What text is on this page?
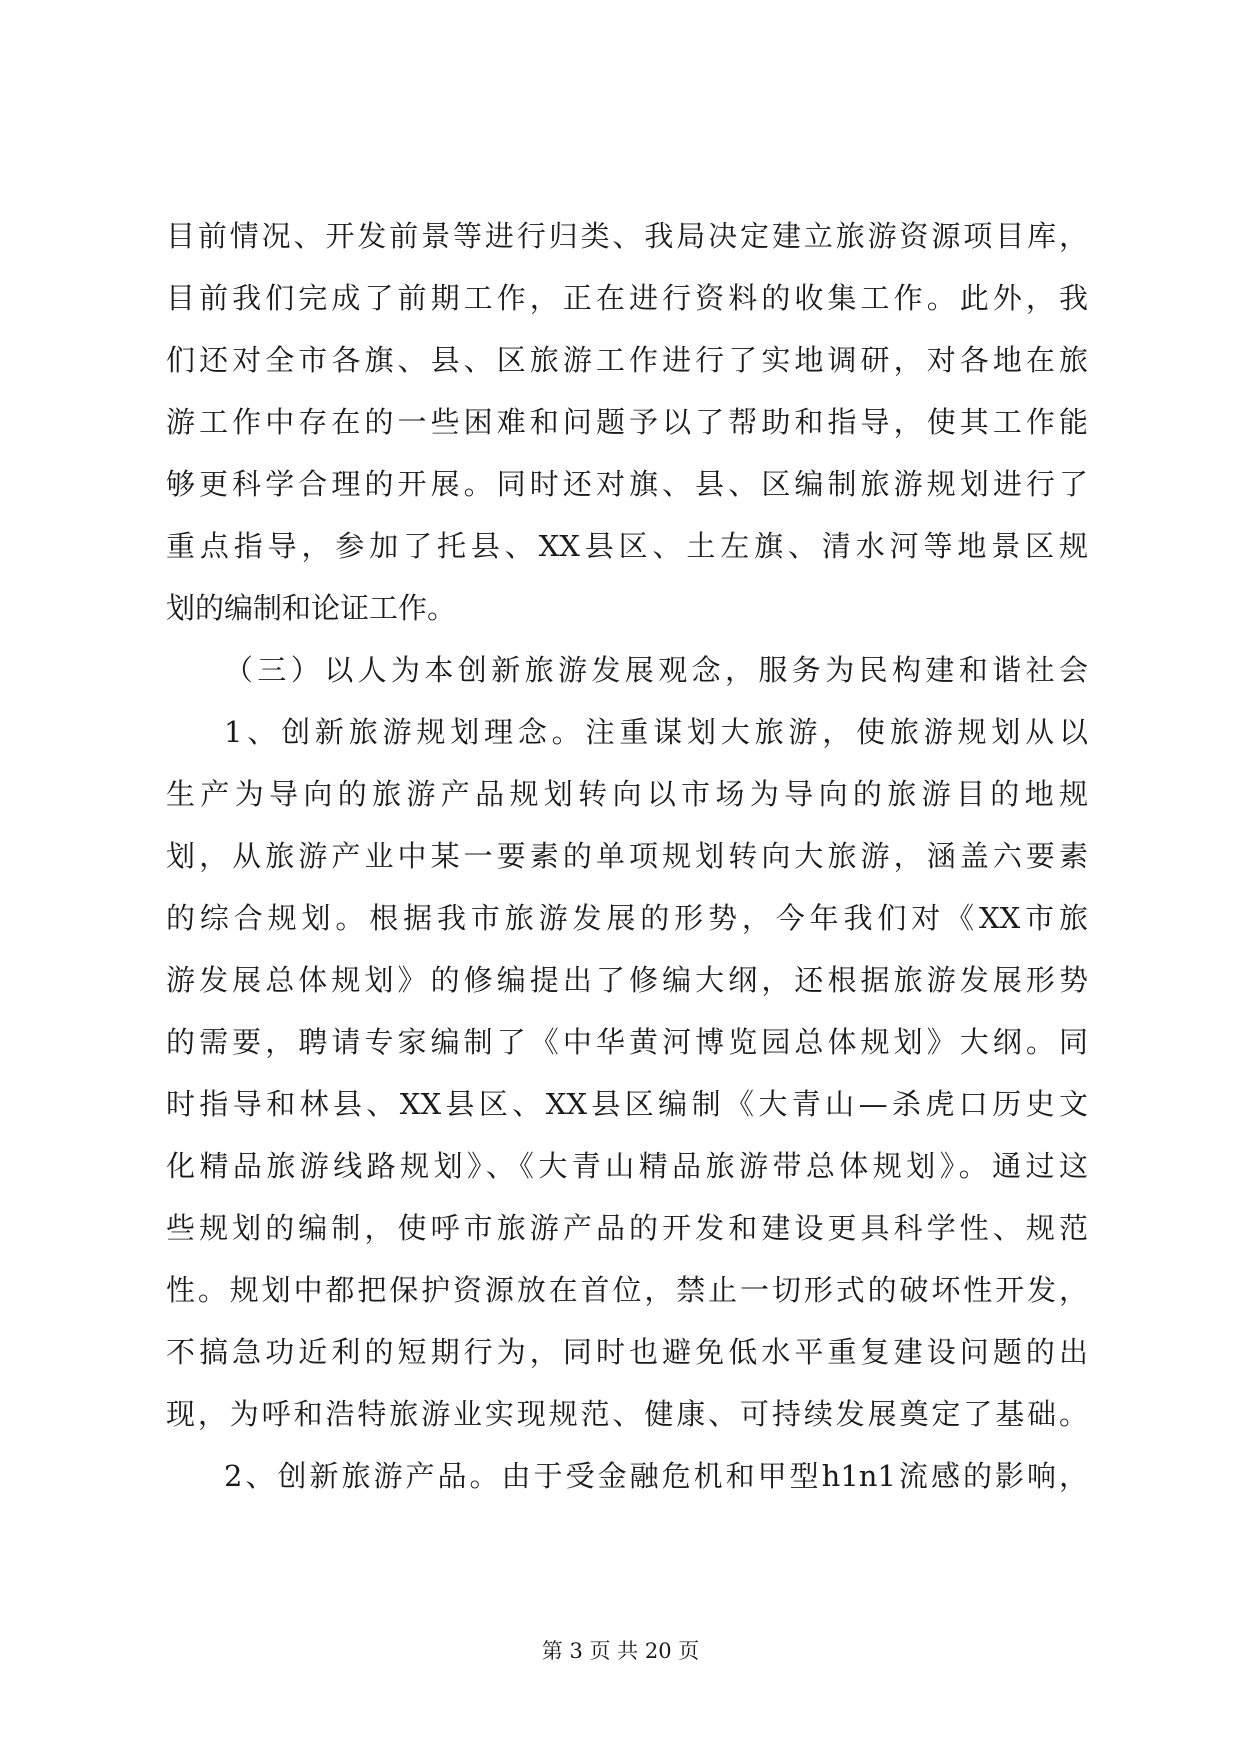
目前情况、开发前景等进行归类、我局决定建立旅游资源项目库，
目前我们完成了前期工作，正在进行资料的收集工作。此外，我
们还对全市各旗、县、区旅游工作进行了实地调研，对各地在旅
游工作中存在的一些困难和问题予以了帮助和指导，使其工作能
够更科学合理的开展。同时还对旗、县、区编制旅游规划进行了
重点指导，参加了托县、XX县区、土左旗、清水河等地景区规
划的编制和论证工作。
（三）以人为本创新旅游发展观念，服务为民构建和谐社会
1、创新旅游规划理念。注重谋划大旅游，使旅游规划从以
生产为导向的旅游产品规划转向以市场为导向的旅游目的地规
划，从旅游产业中某一要素的单项规划转向大旅游，涵盖六要素
的综合规划。根据我市旅游发展的形势，今年我们对《XX市旅
游发展总体规划》的修编提出了修编大纲，还根据旅游发展形势
的需要，聘请专家编制了《中华黄河博览园总体规划》大纲。同
时指导和林县、XX县区、XX县区编制《大青山—杀虎口历史文
化精品旅游线路规划》、《大青山精品旅游带总体规划》。通过这
些规划的编制，使呼市旅游产品的开发和建设更具科学性、规范
性。规划中都把保护资源放在首位，禁止一切形式的破坏性开发，
不搞急功近利的短期行为，同时也避免低水平重复建设问题的出
现，为呼和浩特旅游业实现规范、健康、可持续发展奠定了基础。
2、创新旅游产品。由于受金融危机和甲型h1n1流感的影响，
第 3 页 共 20 页
